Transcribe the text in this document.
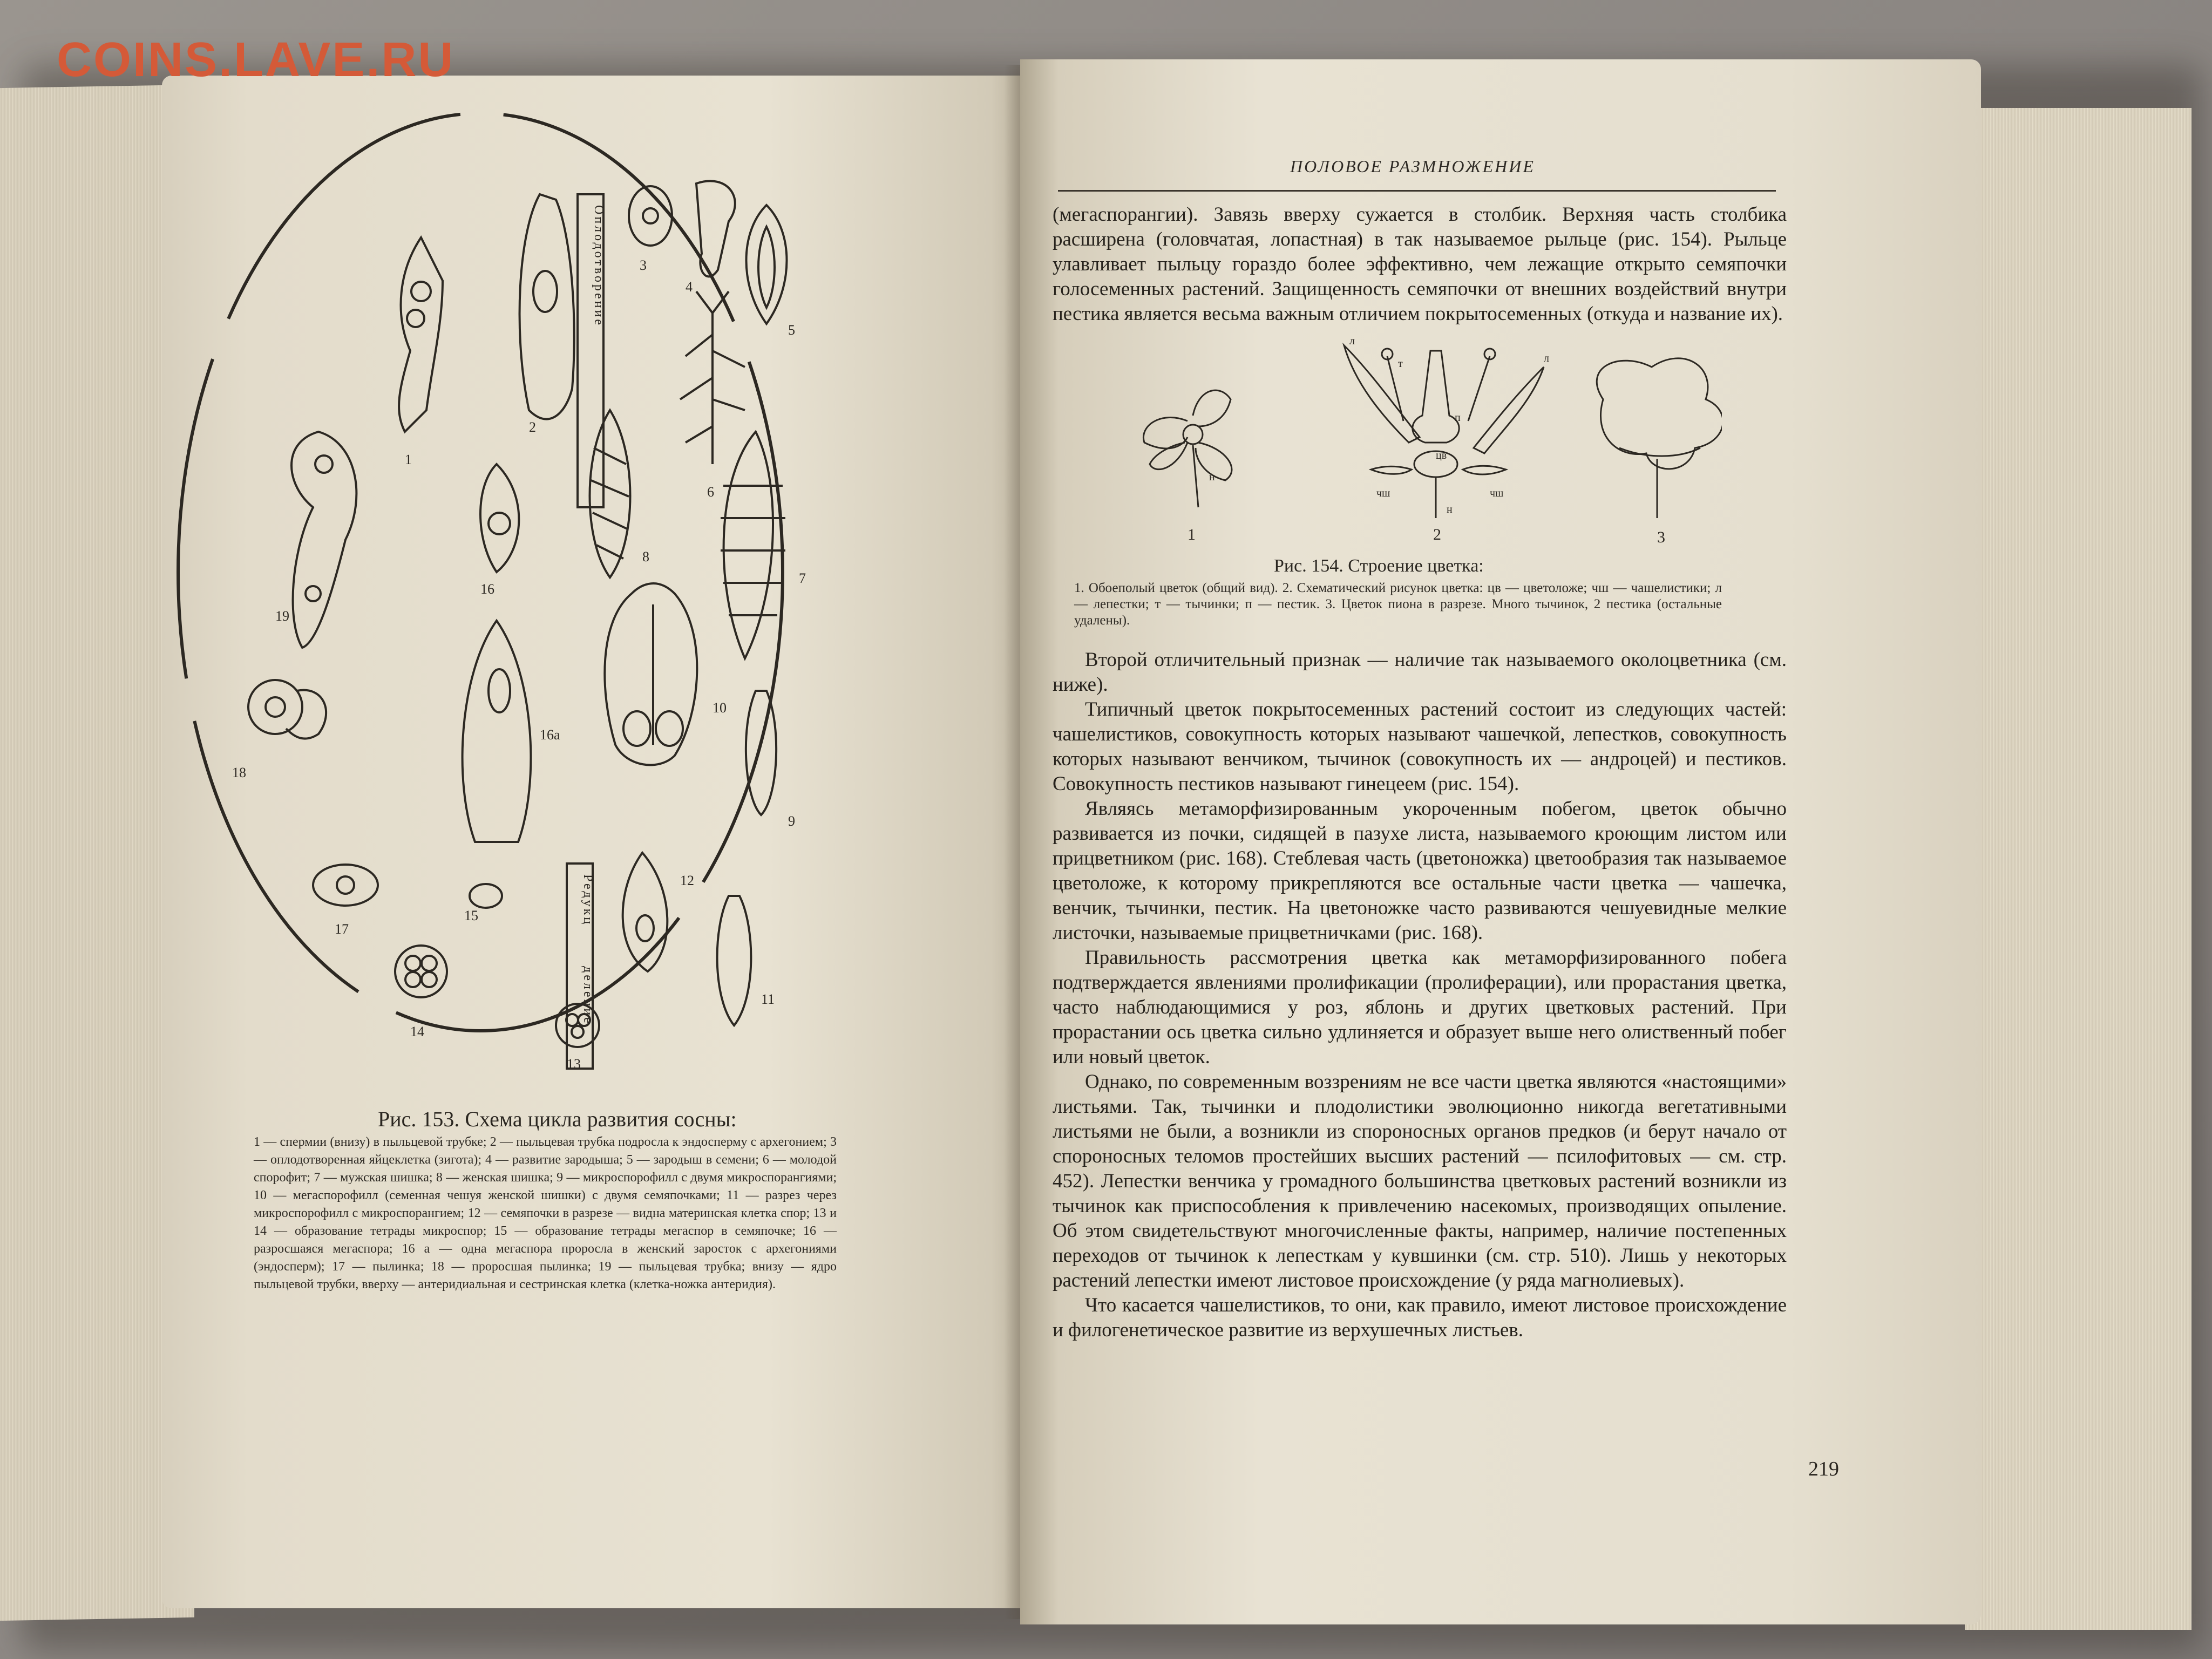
1
2
3
4
5
6
7
8
9
10
11
12
13
14
15
16
16а
17
18
19
Оплодотворение
Редукц
деление
Рис. 153. Схема цикла развития сосны:
1 — спермии (внизу) в пыльцевой трубке; 2 — пыльцевая трубка подросла к эндосперму с архегонием; 3 — оплодотворенная яйцеклетка (зигота); 4 — развитие зародыша; 5 — зародыш в семени; 6 — молодой спорофит; 7 — мужская шишка; 8 — женская шишка; 9 — микроспорофилл с двумя микроспорангиями; 10 — мегаспорофилл (семенная чешуя женской шишки) с двумя семяпочками; 11 — разрез через микроспорофилл с микроспорангием; 12 — семяпочки в разрезе — видна материнская клетка спор; 13 и 14 — образование тетрады микроспор; 15 — образование тетрады мегаспор в семяпочке; 16 — разросшаяся мегаспора; 16 а — одна мегаспора проросла в женский заросток с архегониями (эндосперм); 17 — пылинка; 18 — проросшая пылинка; 19 — пыльцевая трубка; внизу — ядро пыльцевой трубки, вверху — антеридиальная и сестринская клетка (клетка-ножка антеридия).
ПОЛОВОЕ РАЗМНОЖЕНИЕ

(мегаспорангии). Завязь вверху сужается в столбик. Верхняя часть столбика расширена (головчатая, лопастная) в так называемое рыльце (рис. 154). Рыльце улавливает пыльцу гораздо более эффективно, чем лежащие открыто семяпочки голосеменных растений. Защищенность семяпочки от внешних воздействий внутри пестика является весьма важным отличием покрытосеменных (откуда и название их).

1	2	3
л
т
п
н
чш
цв
л
чш
н
Рис. 154. Строение цветка:
1. Обоеполый цветок (общий вид). 2. Схематический рисунок цветка: цв — цветоложе; чш — чашелистики; л — лепестки; т — тычинки; п — пестик. 3. Цветок пиона в разрезе. Много тычинок, 2 пестика (остальные удалены).

Второй отличительный признак — наличие так называемого околоцветника (см. ниже).

Типичный цветок покрытосеменных растений состоит из следующих частей: чашелистиков, совокупность которых называют чашечкой, лепестков, совокупность которых называют венчиком, тычинок (совокупность их — андроцей) и пестиков. Совокупность пестиков называют гинецеем (рис. 154).

Являясь метаморфизированным укороченным побегом, цветок обычно развивается из почки, сидящей в пазухе листа, называемого кроющим листом или прицветником (рис. 168). Стеблевая часть (цветоножка) цветообразия так называемое цветоложе, к которому прикрепляются все остальные части цветка — чашечка, венчик, тычинки, пестик. На цветоножке часто развиваются чешуевидные мелкие листочки, называемые прицветничками (рис. 168).

Правильность рассмотрения цветка как метаморфизированного побега подтверждается явлениями пролификации (пролиферации), или прорастания цветка, часто наблюдающимися у роз, яблонь и других цветковых растений. При прорастании ось цветка сильно удлиняется и образует выше него олиственный побег или новый цветок.

Однако, по современным воззрениям не все части цветка являются «настоящими» листьями. Так, тычинки и плодолистики эволюционно никогда вегетативными листьями не были, а возникли из спороносных органов предков (и берут начало от спороносных теломов простейших высших растений — псилофитовых — см. стр. 452). Лепестки венчика у громадного большинства цветковых растений возникли из тычинок как приспособления к привлечению насекомых, производящих опыление. Об этом свидетельствуют многочисленные факты, например, наличие постепенных переходов от тычинок к лепесткам у кувшинки (см. стр. 510). Лишь у некоторых растений лепестки имеют листовое происхождение (у ряда магнолиевых).

Что касается чашелистиков, то они, как правило, имеют листовое происхождение и филогенетическое развитие из верхушечных листьев.

219
COINS.LAVE.RU
